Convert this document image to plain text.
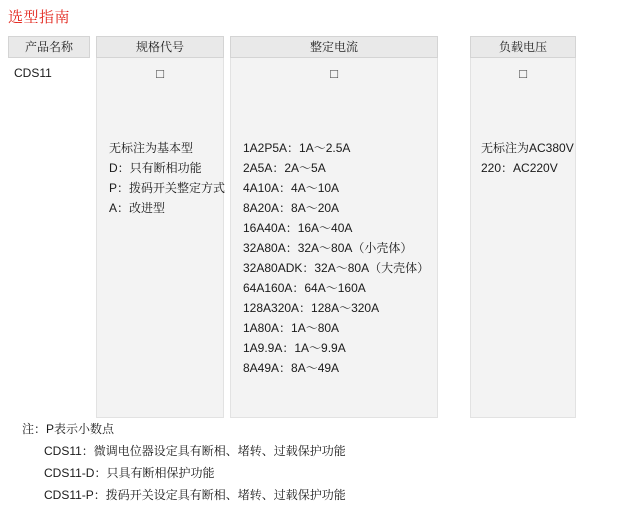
选型指南
产品名称
CDS11
规格代号
□
无标注为基本型
D：只有断相功能
P：拨码开关整定方式
A：改进型
整定电流
□
1A2P5A：1A～2.5A
2A5A：2A～5A
4A10A：4A～10A
8A20A：8A～20A
16A40A：16A～40A
32A80A：32A～80A（小壳体）
32A80ADK：32A～80A（大壳体）
64A160A：64A～160A
128A320A：128A～320A
1A80A：1A～80A
1A9.9A：1A～9.9A
8A49A：8A～49A
负载电压
□
无标注为AC380V
220：AC220V
注：P表示小数点
CDS11：微调电位器设定具有断相、堵转、过载保护功能
CDS11-D：只具有断相保护功能
CDS11-P：拨码开关设定具有断相、堵转、过载保护功能
